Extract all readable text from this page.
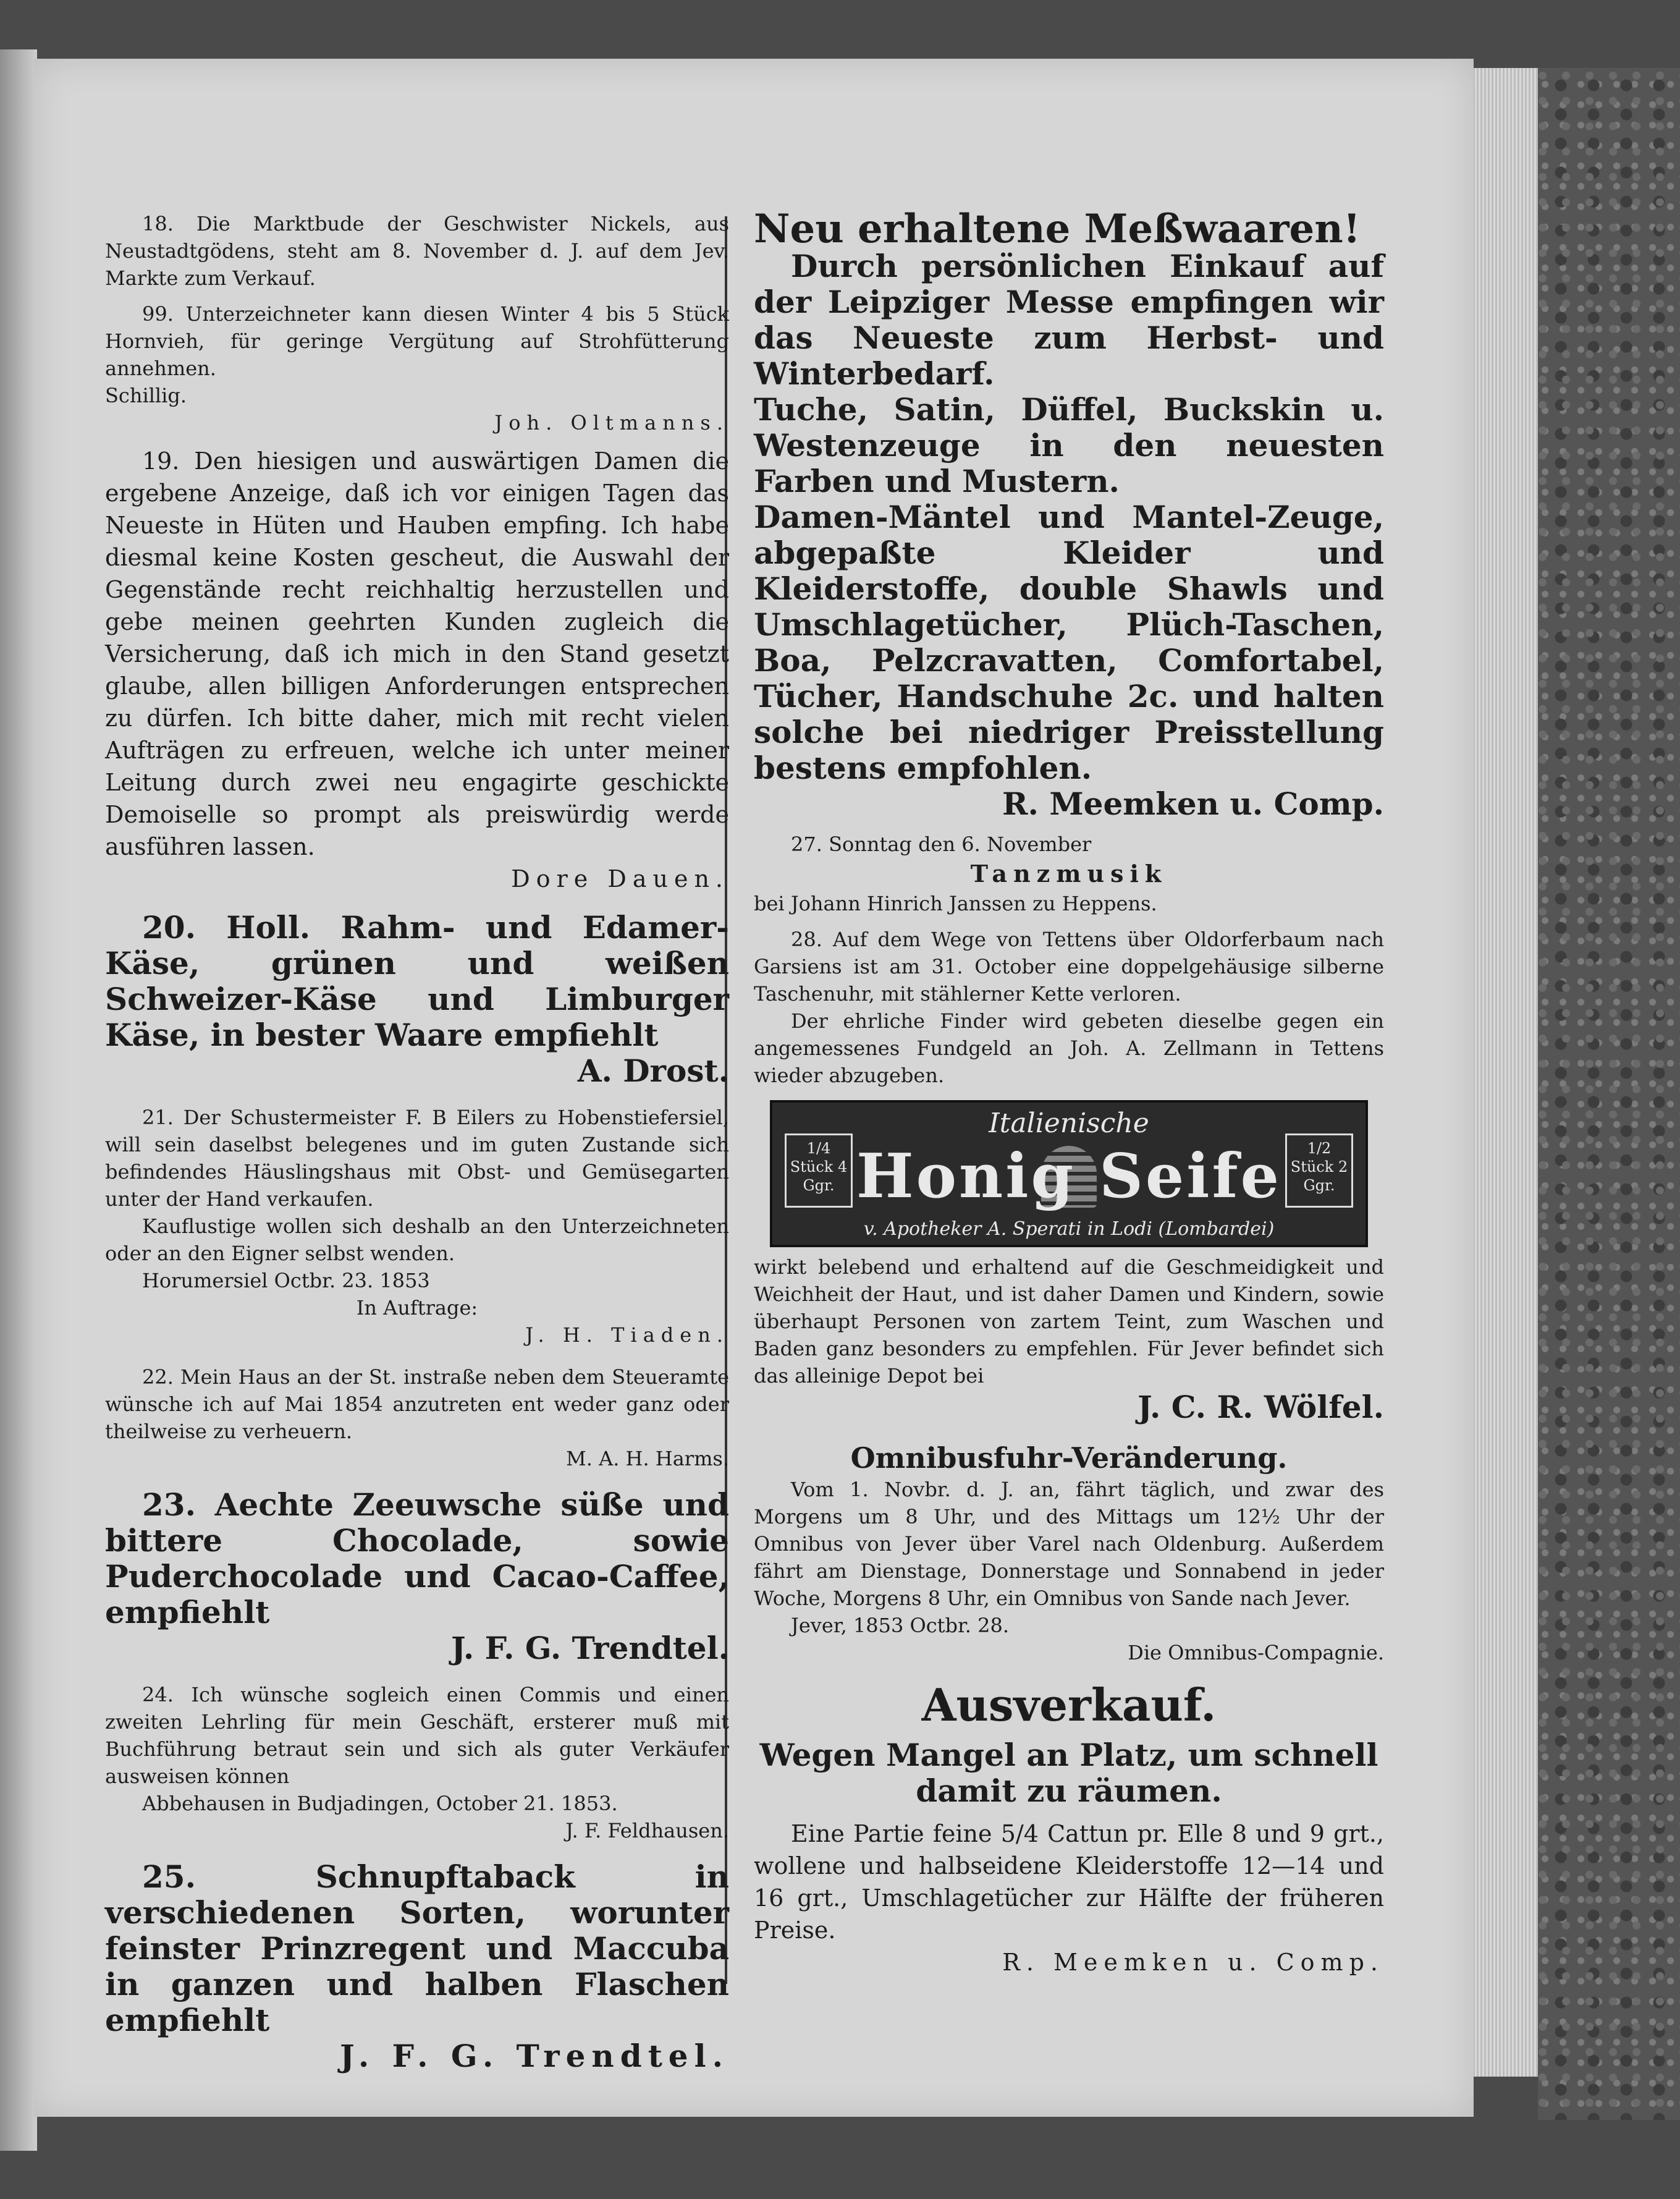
18. Die Marktbude der Geschwister Nickels, aus Neustadtgödens, steht am 8. November d. J. auf dem Jev. Markte zum Verkauf.

99. Unterzeichneter kann diesen Winter 4 bis 5 Stück Hornvieh, für geringe Vergütung auf Strohfütterung annehmen.

Schillig.

Joh. Oltmanns.

19. Den hiesigen und auswärtigen Damen die ergebene Anzeige, daß ich vor einigen Tagen das Neueste in Hüten und Hauben empfing. Ich habe diesmal keine Kosten gescheut, die Auswahl der Gegenstände recht reichhaltig herzustellen und gebe meinen geehrten Kunden zugleich die Versicherung, daß ich mich in den Stand gesetzt glaube, allen billigen Anforderungen entsprechen zu dürfen. Ich bitte daher, mich mit recht vielen Aufträgen zu erfreuen, welche ich unter meiner Leitung durch zwei neu engagirte geschickte Demoiselle so prompt als preiswürdig werde ausführen lassen.

Dore Dauen.

20. Holl. Rahm- und Edamer-Käse, grünen und weißen Schweizer-Käse und Limburger Käse, in bester Waare empfiehlt

A. Drost.

21. Der Schustermeister F. B Eilers zu Hobenstiefersiel, will sein daselbst belegenes und im guten Zustande sich befindendes Häuslingshaus mit Obst- und Gemüsegarten unter der Hand verkaufen.

Kauflustige wollen sich deshalb an den Unterzeichneten oder an den Eigner selbst wenden.

Horumersiel Octbr. 23. 1853

In Auftrage:

J. H. Tiaden.

22. Mein Haus an der St. instraße neben dem Steueramte wünsche ich auf Mai 1854 anzutreten ent weder ganz oder theilweise zu verheuern.

M. A. H. Harms.

23. Aechte Zeeuwsche süße und bittere Chocolade, sowie Puderchocolade und Cacao-Caffee, empfiehlt

J. F. G. Trendtel.

24. Ich wünsche sogleich einen Commis und einen zweiten Lehrling für mein Geschäft, ersterer muß mit Buchführung betraut sein und sich als guter Verkäufer ausweisen können

Abbehausen in Budjadingen, October 21. 1853.

J. F. Feldhausen.

25. Schnupftaback in verschiedenen Sorten, worunter feinster Prinzregent und Maccuba in ganzen und halben Flaschen empfiehlt

J. F. G. Trendtel.

Neu erhaltene Meßwaaren!

Durch persönlichen Einkauf auf der Leipziger Messe empfingen wir das Neueste zum Herbst- und Winterbedarf.

Tuche, Satin, Düffel, Buckskin u. Westenzeuge in den neuesten Farben und Mustern.

Damen-Mäntel und Mantel-Zeuge, abgepaßte Kleider und Kleiderstoffe, double Shawls und Umschlagetücher, Plüch-Taschen, Boa, Pelzcravatten, Comfortabel, Tücher, Handschuhe 2c. und halten solche bei niedriger Preisstellung bestens empfohlen.

R. Meemken u. Comp.

27. Sonntag den 6. November

Tanzmusik

bei Johann Hinrich Janssen zu Heppens.

28. Auf dem Wege von Tettens über Oldorferbaum nach Garsiens ist am 31. October eine doppelgehäusige silberne Taschenuhr, mit stählerner Kette verloren.

Der ehrliche Finder wird gebeten dieselbe gegen ein angemessenes Fundgeld an Joh. A. Zellmann in Tettens wieder abzugeben.

Italienische
Honig Seife
1/4 Stück 4 Ggr.
1/2 Stück 2 Ggr.
v. Apotheker A. Sperati in Lodi (Lombardei)

wirkt belebend und erhaltend auf die Geschmeidigkeit und Weichheit der Haut, und ist daher Damen und Kindern, sowie überhaupt Personen von zartem Teint, zum Waschen und Baden ganz besonders zu empfehlen. Für Jever befindet sich das alleinige Depot bei

J. C. R. Wölfel.

Omnibusfuhr-Veränderung.

Vom 1. Novbr. d. J. an, fährt täglich, und zwar des Morgens um 8 Uhr, und des Mittags um 12½ Uhr der Omnibus von Jever über Varel nach Oldenburg. Außerdem fährt am Dienstage, Donnerstage und Sonnabend in jeder Woche, Morgens 8 Uhr, ein Omnibus von Sande nach Jever.

Jever, 1853 Octbr. 28.

Die Omnibus-Compagnie.

Ausverkauf.

Wegen Mangel an Platz, um schnell damit zu räumen.

Eine Partie feine 5/4 Cattun pr. Elle 8 und 9 grt., wollene und halbseidene Kleiderstoffe 12—14 und 16 grt., Umschlagetücher zur Hälfte der früheren Preise.

R. Meemken u. Comp.
